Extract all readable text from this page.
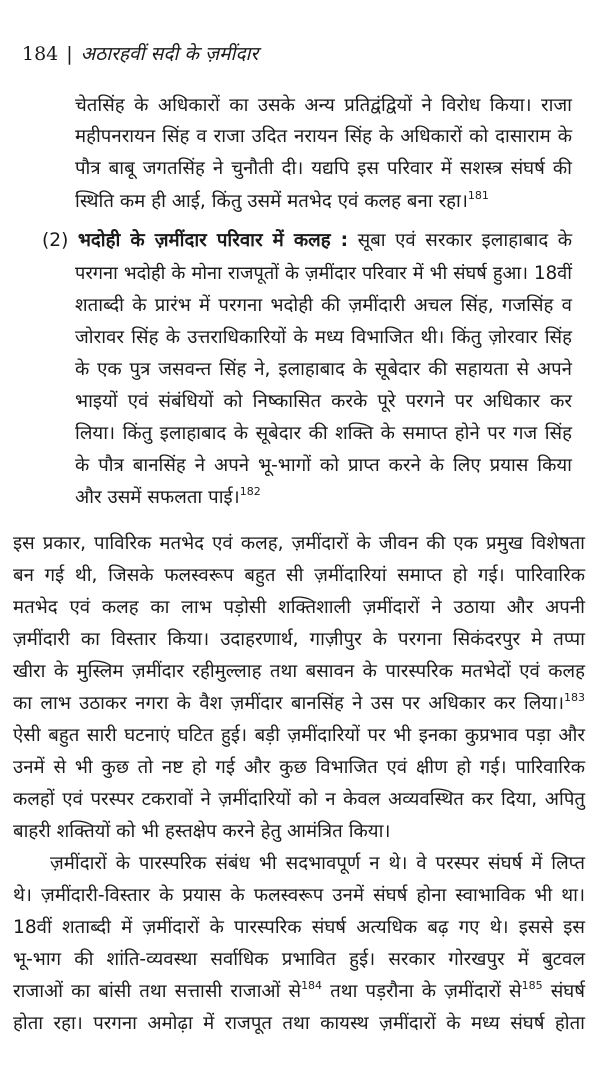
184 | अठारहवीं सदी के ज़मींदार
चेतसिंह के अधिकारों का उसके अन्य प्रतिद्वंद्वियों ने विरोध किया। राजा
महीपनरायन सिंह व राजा उदित नरायन सिंह के अधिकारों को दासाराम के
पौत्र बाबू जगतसिंह ने चुनौती दी। यद्यपि इस परिवार में सशस्त्र संघर्ष की
स्थिति कम ही आई, किंतु उसमें मतभेद एवं कलह बना रहा।$^{181}$
(2) भदोही के ज़मींदार परिवार में कलह : सूबा एवं सरकार इलाहाबाद के
परगना भदोही के मोना राजपूतों के ज़मींदार परिवार में भी संघर्ष हुआ। 18वीं
शताब्दी के प्रारंभ में परगना भदोही की ज़मींदारी अचल सिंह, गजसिंह व
जोरावर सिंह के उत्तराधिकारियों के मध्य विभाजित थी। किंतु ज़ोरवार सिंह
के एक पुत्र जसवन्त सिंह ने, इलाहाबाद के सूबेदार की सहायता से अपने
भाइयों एवं संबंधियों को निष्कासित करके पूरे परगने पर अधिकार कर
लिया। किंतु इलाहाबाद के सूबेदार की शक्ति के समाप्त होने पर गज सिंह
के पौत्र बानसिंह ने अपने भू-भागों को प्राप्त करने के लिए प्रयास किया
और उसमें सफलता पाई।$^{182}$
इस प्रकार, पाविरिक मतभेद एवं कलह, ज़मींदारों के जीवन की एक प्रमुख विशेषता
बन गई थी, जिसके फलस्वरूप बहुत सी ज़मींदारियां समाप्त हो गई। पारिवारिक
मतभेद एवं कलह का लाभ पड़ोसी शक्तिशाली ज़मींदारों ने उठाया और अपनी
ज़मींदारी का विस्तार किया। उदाहरणार्थ, गाज़ीपुर के परगना सिकंदरपुर मे तप्पा
खीरा के मुस्लिम ज़मींदार रहीमुल्लाह तथा बसावन के पारस्परिक मतभेदों एवं कलह
का लाभ उठाकर नगरा के वैश ज़मींदार बानसिंह ने उस पर अधिकार कर लिया।$^{183}$
ऐसी बहुत सारी घटनाएं घटित हुई। बड़ी ज़मींदारियों पर भी इनका कुप्रभाव पड़ा और
उनमें से भी कुछ तो नष्ट हो गई और कुछ विभाजित एवं क्षीण हो गई। पारिवारिक
कलहों एवं परस्पर टकरावों ने ज़मींदारियों को न केवल अव्यवस्थित कर दिया, अपितु
बाहरी शक्तियों को भी हस्तक्षेप करने हेतु आमंत्रित किया।
ज़मींदारों के पारस्परिक संबंध भी सदभावपूर्ण न थे। वे परस्पर संघर्ष में लिप्त
थे। ज़मींदारी-विस्तार के प्रयास के फलस्वरूप उनमें संघर्ष होना स्वाभाविक भी था।
18वीं शताब्दी में ज़मींदारों के पारस्परिक संघर्ष अत्यधिक बढ़ गए थे। इससे इस
भू-भाग की शांति-व्यवस्था सर्वाधिक प्रभावित हुई। सरकार गोरखपुर में बुटवल
राजाओं का बांसी तथा सत्तासी राजाओं से$^{184}$ तथा पड़रौना के ज़मींदारों से$^{185}$ संघर्ष
होता रहा। परगना अमोढ़ा में राजपूत तथा कायस्थ ज़मींदारों के मध्य संघर्ष होता
